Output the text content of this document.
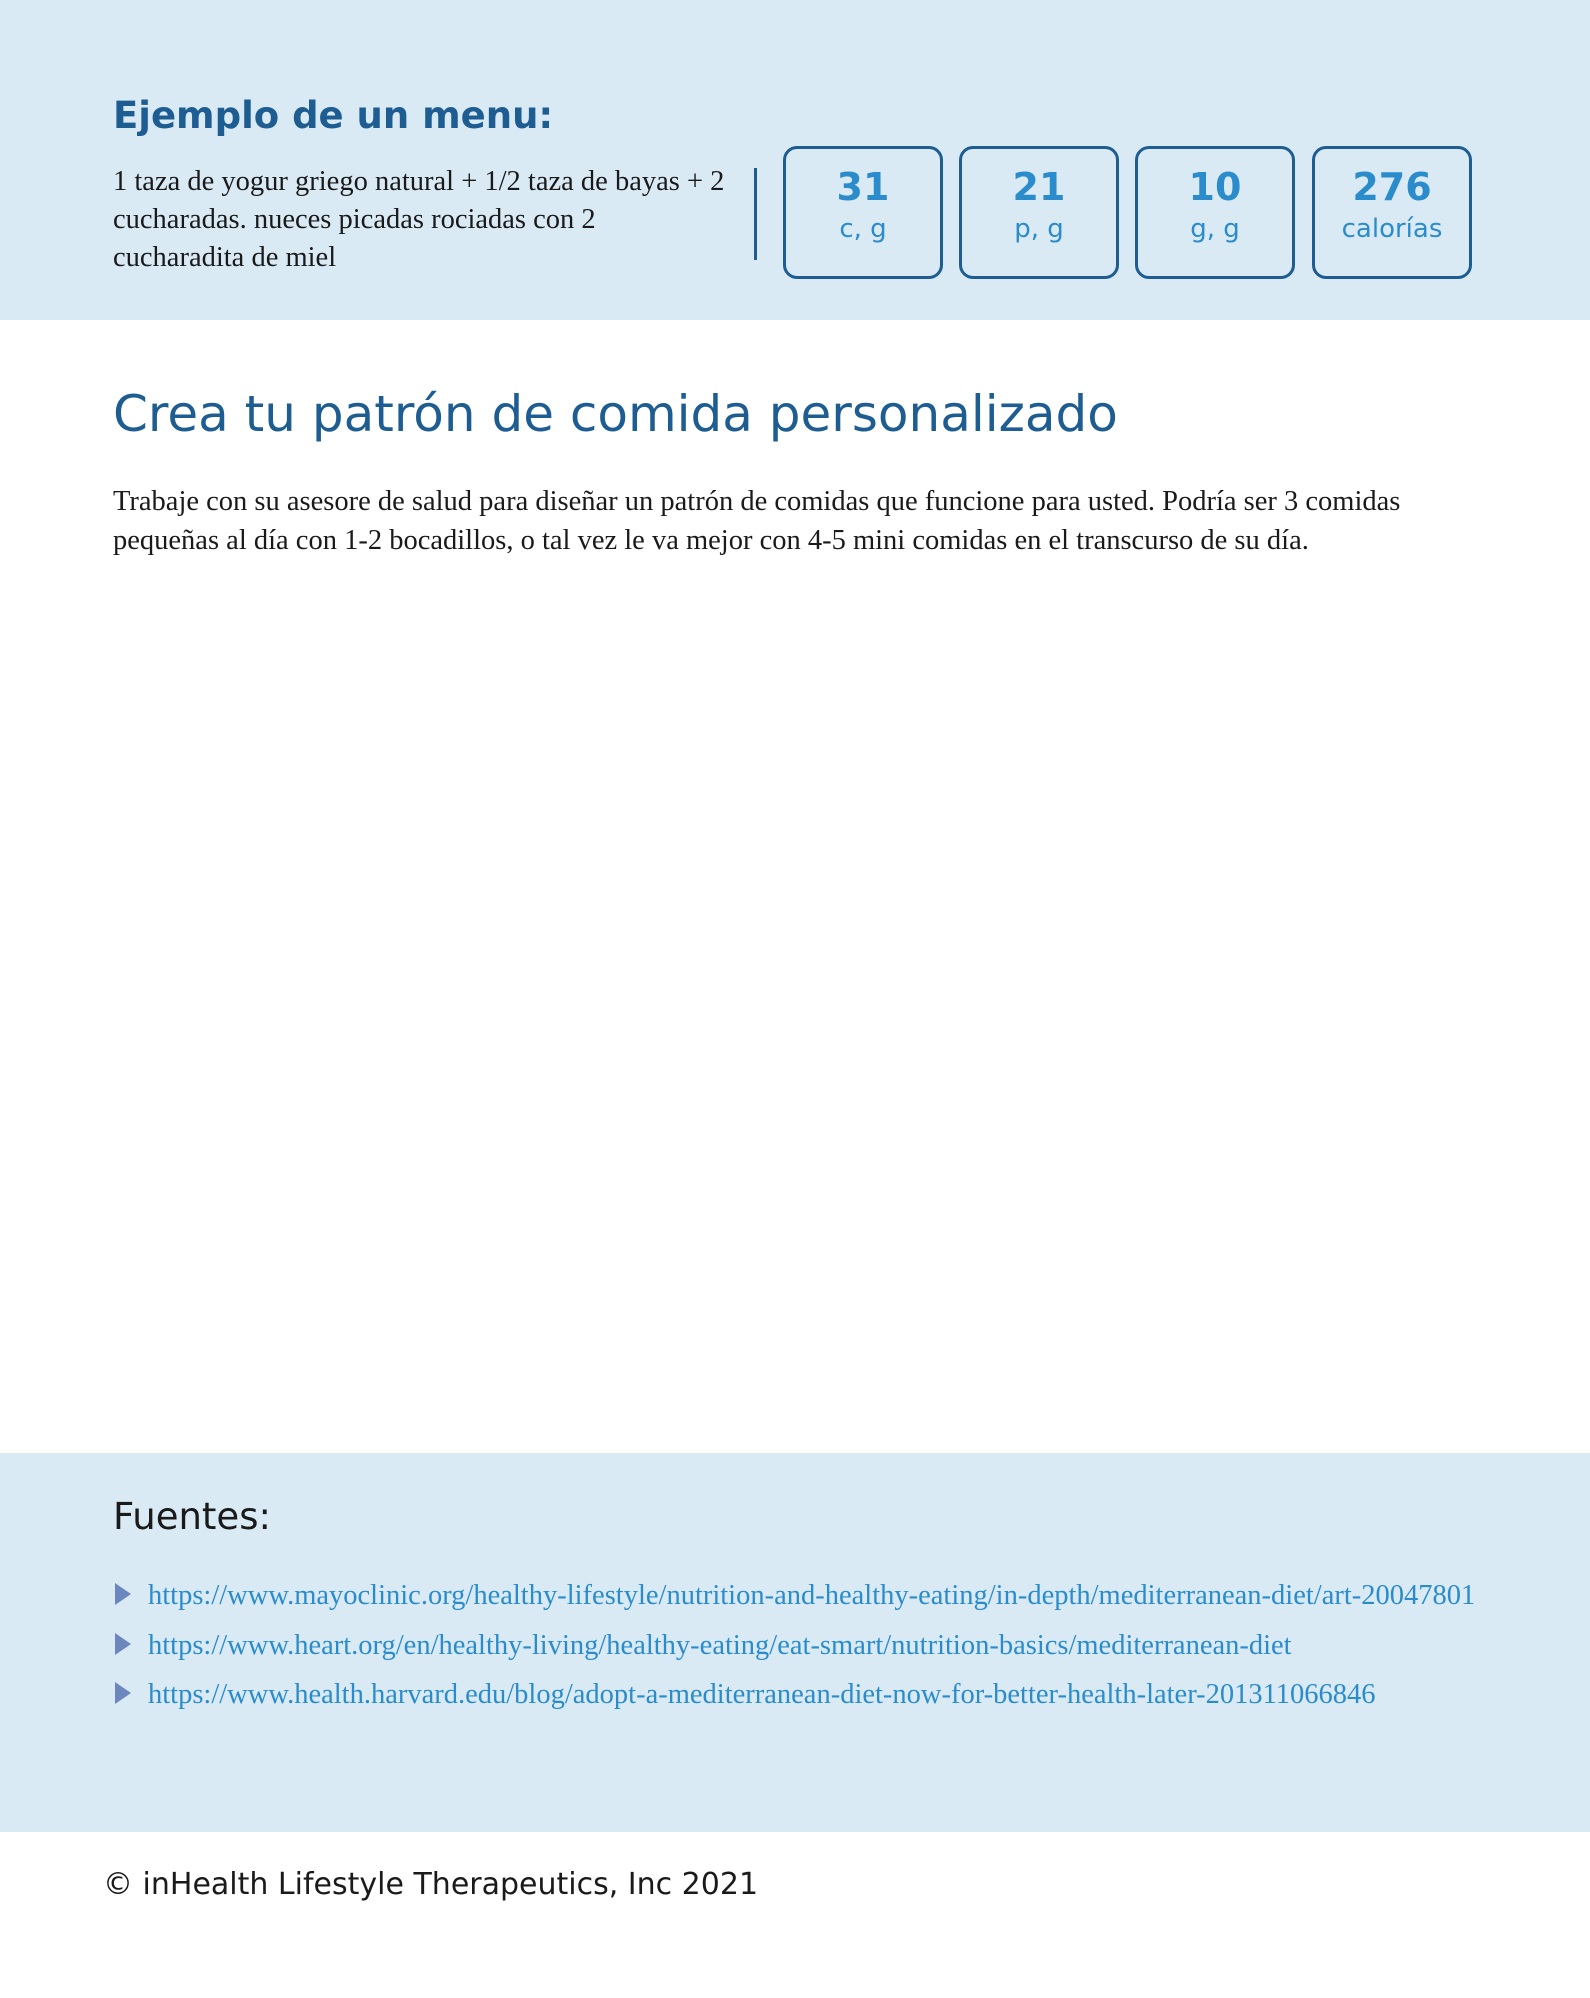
Ejemplo de un menu:

1 taza de yogur griego natural + 1/2 taza de bayas + 2 cucharadas. nueces picadas rociadas con 2 cucharadita de miel

31
c, g
21
p, g
10
g, g
276
calorías
Crea tu patrón de comida personalizado

Trabaje con su asesore de salud para diseñar un patrón de comidas que funcione para usted. Podría ser 3 comidas pequeñas al día con 1-2 bocadillos, o tal vez le va mejor con 4-5 mini comidas en el transcurso de su día.

Fuentes:
https://www.mayoclinic.org/healthy-lifestyle/nutrition-and-healthy-eating/in-depth/mediterranean-diet/art-20047801
https://www.heart.org/en/healthy-living/healthy-eating/eat-smart/nutrition-basics/mediterranean-diet
https://www.health.harvard.edu/blog/adopt-a-mediterranean-diet-now-for-better-health-later-201311066846

© inHealth Lifestyle Therapeutics, Inc 2021
